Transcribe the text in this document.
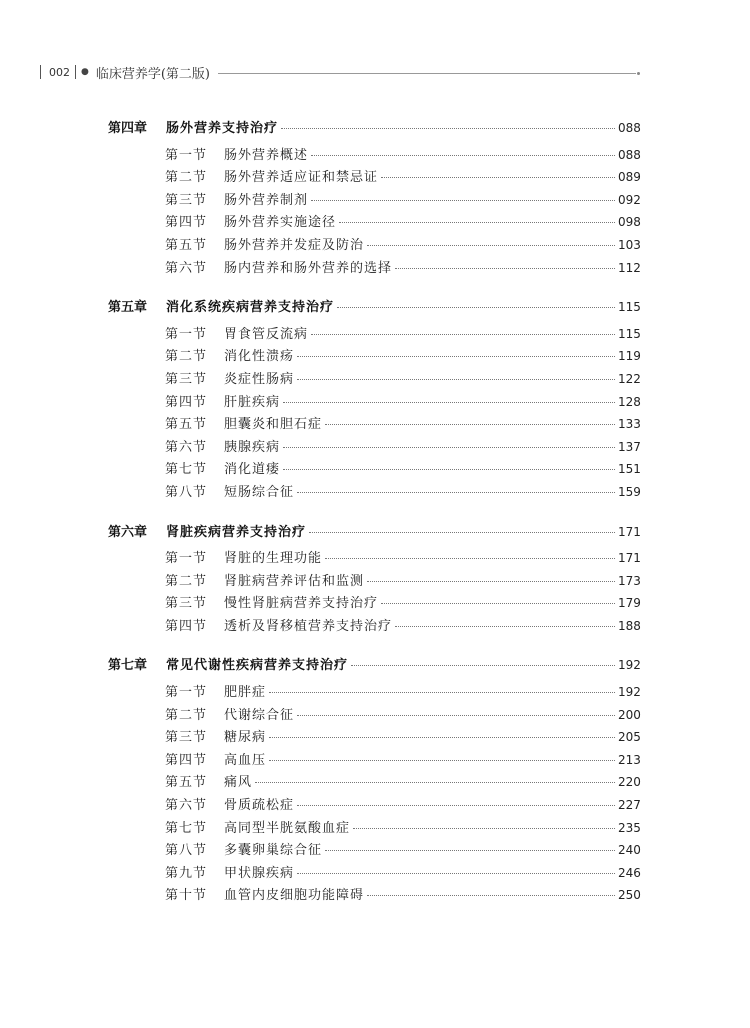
002 ● 临床营养学(第二版)
第四章	肠外营养支持治疗	088
第一节	肠外营养概述	088
第二节	肠外营养适应证和禁忌证	089
第三节	肠外营养制剂	092
第四节	肠外营养实施途径	098
第五节	肠外营养并发症及防治	103
第六节	肠内营养和肠外营养的选择	112
第五章	消化系统疾病营养支持治疗	115
第一节	胃食管反流病	115
第二节	消化性溃疡	119
第三节	炎症性肠病	122
第四节	肝脏疾病	128
第五节	胆囊炎和胆石症	133
第六节	胰腺疾病	137
第七节	消化道瘘	151
第八节	短肠综合征	159
第六章	肾脏疾病营养支持治疗	171
第一节	肾脏的生理功能	171
第二节	肾脏病营养评估和监测	173
第三节	慢性肾脏病营养支持治疗	179
第四节	透析及肾移植营养支持治疗	188
第七章	常见代谢性疾病营养支持治疗	192
第一节	肥胖症	192
第二节	代谢综合征	200
第三节	糖尿病	205
第四节	高血压	213
第五节	痛风	220
第六节	骨质疏松症	227
第七节	高同型半胱氨酸血症	235
第八节	多囊卵巢综合征	240
第九节	甲状腺疾病	246
第十节	血管内皮细胞功能障碍	250
